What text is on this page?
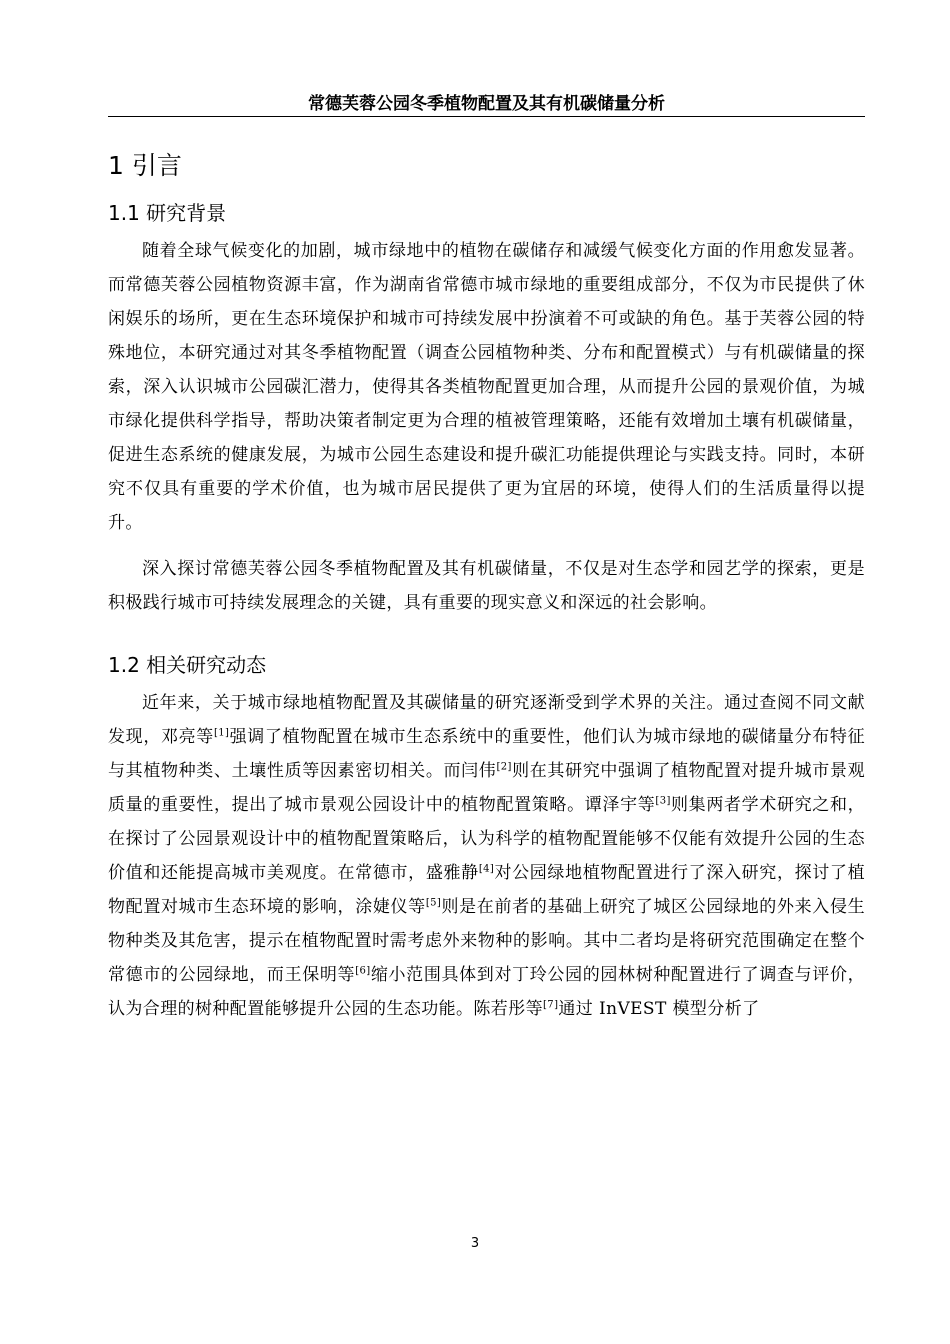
常德芙蓉公园冬季植物配置及其有机碳储量分析
1 引言
1.1 研究背景

随着全球气候变化的加剧，城市绿地中的植物在碳储存和减缓气候变化方面的作用愈发显著。而常德芙蓉公园植物资源丰富，作为湖南省常德市城市绿地的重要组成部分，不仅为市民提供了休闲娱乐的场所，更在生态环境保护和城市可持续发展中扮演着不可或缺的角色。基于芙蓉公园的特殊地位，本研究通过对其冬季植物配置（调查公园植物种类、分布和配置模式）与有机碳储量的探索，深入认识城市公园碳汇潜力，使得其各类植物配置更加合理，从而提升公园的景观价值，为城市绿化提供科学指导，帮助决策者制定更为合理的植被管理策略，还能有效增加土壤有机碳储量，促进生态系统的健康发展，为城市公园生态建设和提升碳汇功能提供理论与实践支持。同时，本研究不仅具有重要的学术价值，也为城市居民提供了更为宜居的环境，使得人们的生活质量得以提升。

深入探讨常德芙蓉公园冬季植物配置及其有机碳储量，不仅是对生态学和园艺学的探索，更是积极践行城市可持续发展理念的关键，具有重要的现实意义和深远的社会影响。

1.2 相关研究动态

近年来，关于城市绿地植物配置及其碳储量的研究逐渐受到学术界的关注。通过查阅不同文献发现，邓亮等[1]强调了植物配置在城市生态系统中的重要性，他们认为城市绿地的碳储量分布特征与其植物种类、土壤性质等因素密切相关。而闫伟[2]则在其研究中强调了植物配置对提升城市景观质量的重要性，提出了城市景观公园设计中的植物配置策略。谭泽宇等[3]则集两者学术研究之和，在探讨了公园景观设计中的植物配置策略后，认为科学的植物配置能够不仅能有效提升公园的生态价值和还能提高城市美观度。在常德市，盛雅静[4]对公园绿地植物配置进行了深入研究，探讨了植物配置对城市生态环境的影响，涂婕仪等[5]则是在前者的基础上研究了城区公园绿地的外来入侵生物种类及其危害，提示在植物配置时需考虑外来物种的影响。其中二者均是将研究范围确定在整个常德市的公园绿地，而王保明等[6]缩小范围具体到对丁玲公园的园林树种配置进行了调查与评价，认为合理的树种配置能够提升公园的生态功能。陈若彤等[7]通过 InVEST 模型分析了

3
